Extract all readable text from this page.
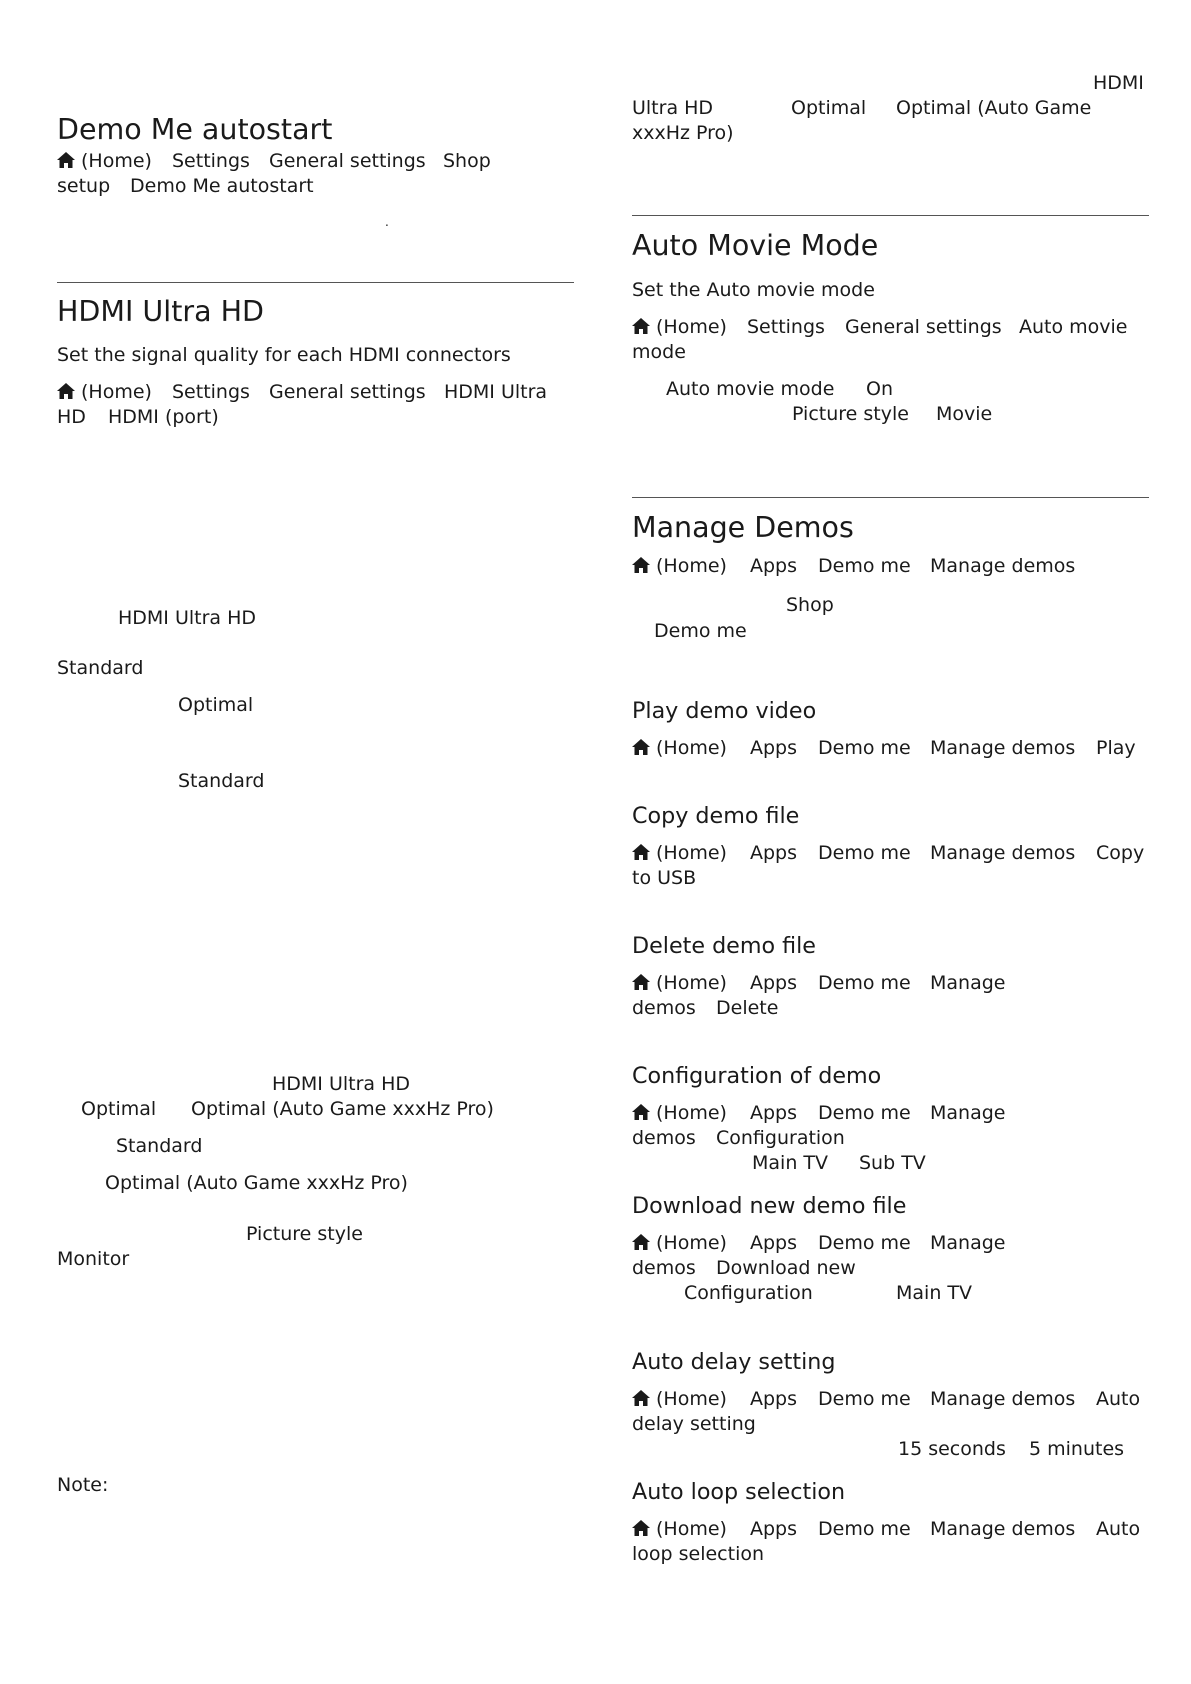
Demo Me autostart
(Home) Settings General settings Shop
setup Demo Me autostart
.
HDMI Ultra HD

Set the signal quality for each HDMI connectors

(Home) Settings General settings HDMI Ultra
HD HDMI (port)
HDMI Ultra HD
Standard
Optimal
Standard
HDMI Ultra HD
Optimal Optimal (Auto Game xxxHz Pro)
Standard
Optimal (Auto Game xxxHz Pro)
Picture style
Monitor
Note:
HDMI
Ultra HD	Optimal Optimal (Auto Game
xxxHz Pro)
Auto Movie Mode

Set the Auto movie mode

(Home) Settings General settings Auto movie
mode
Auto movie mode On
Picture style Movie
Manage Demos
(Home) Apps Demo me Manage demos
Shop
Demo me
Play demo video
(Home) Apps Demo me Manage demos Play
Copy demo file
(Home) Apps Demo me Manage demos Copy
to USB
Delete demo file
(Home) Apps Demo me Manage
demos Delete
Configuration of demo
(Home) Apps Demo me Manage
demos Configuration
Main TV Sub TV
Download new demo file
(Home) Apps Demo me Manage
demos Download new
Configuration	Main TV
Auto delay setting
(Home) Apps Demo me Manage demos Auto
delay setting
15 seconds 5 minutes
Auto loop selection
(Home) Apps Demo me Manage demos Auto
loop selection
